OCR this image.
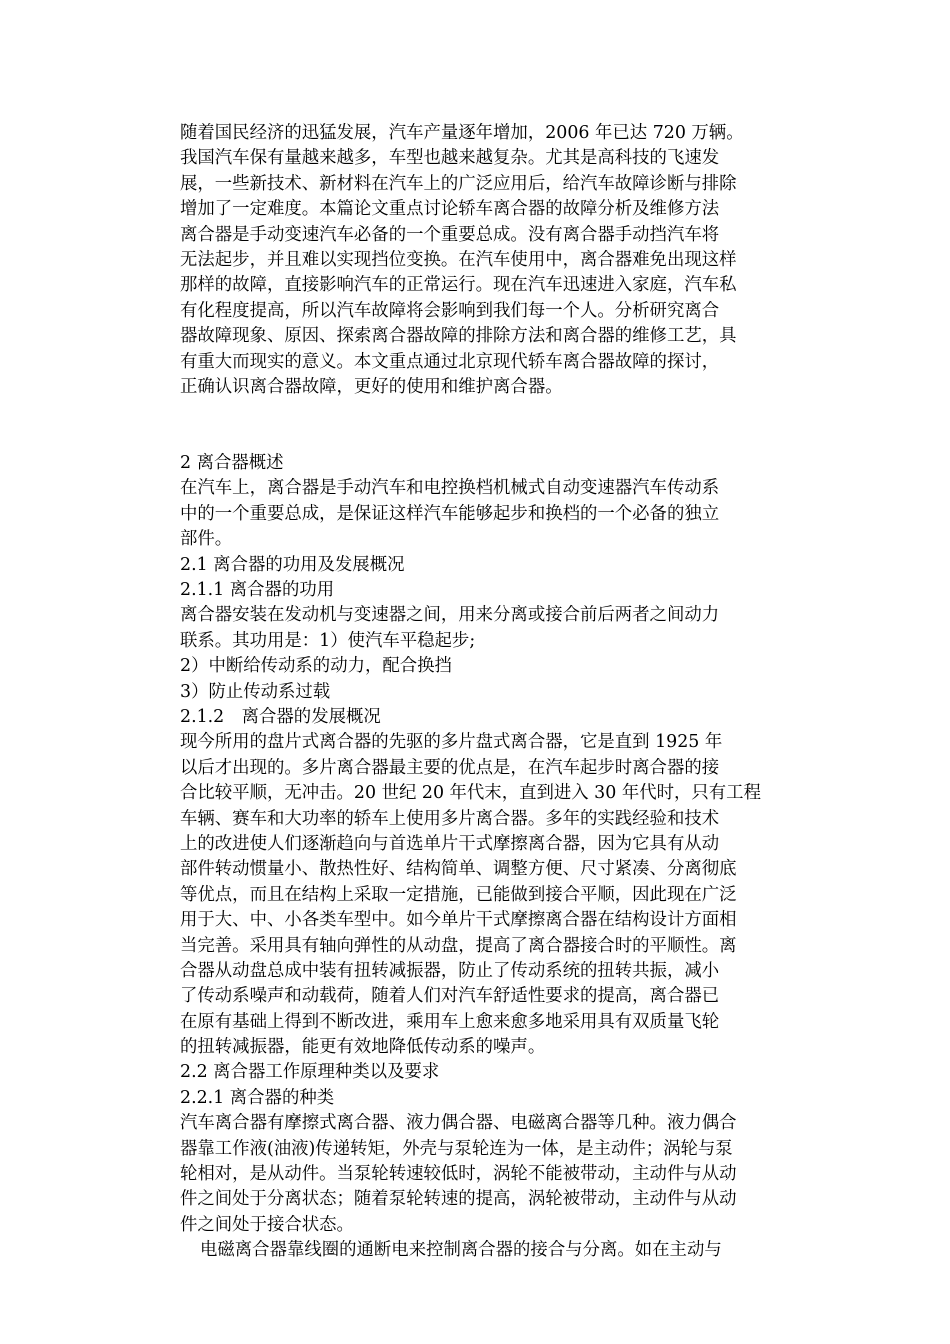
随着国民经济的迅猛发展，汽车产量逐年增加，2006 年已达 720 万辆。
我国汽车保有量越来越多，车型也越来越复杂。尤其是高科技的飞速发
展，一些新技术、新材料在汽车上的广泛应用后，给汽车故障诊断与排除
增加了一定难度。本篇论文重点讨论轿车离合器的故障分析及维修方法
离合器是手动变速汽车必备的一个重要总成。没有离合器手动挡汽车将
无法起步，并且难以实现挡位变换。在汽车使用中，离合器难免出现这样
那样的故障，直接影响汽车的正常运行。现在汽车迅速进入家庭，汽车私
有化程度提高，所以汽车故障将会影响到我们每一个人。分析研究离合
器故障现象、原因、探索离合器故障的排除方法和离合器的维修工艺，具
有重大而现实的意义。本文重点通过北京现代轿车离合器故障的探讨，
正确认识离合器故障，更好的使用和维护离合器。
2 离合器概述
在汽车上，离合器是手动汽车和电控换档机械式自动变速器汽车传动系
中的一个重要总成，是保证这样汽车能够起步和换档的一个必备的独立
部件。
2.1 离合器的功用及发展概况
2.1.1 离合器的功用
离合器安装在发动机与变速器之间，用来分离或接合前后两者之间动力
联系。其功用是：1）使汽车平稳起步;
2）中断给传动系的动力，配合换挡
3）防止传动系过载
2.1.2　离合器的发展概况
现今所用的盘片式离合器的先驱的多片盘式离合器，它是直到 1925 年
以后才出现的。多片离合器最主要的优点是，在汽车起步时离合器的接
合比较平顺，无冲击。20 世纪 20 年代末，直到进入 30 年代时，只有工程
车辆、赛车和大功率的轿车上使用多片离合器。多年的实践经验和技术
上的改进使人们逐渐趋向与首选单片干式摩擦离合器，因为它具有从动
部件转动惯量小、散热性好、结构简单、调整方便、尺寸紧凑、分离彻底
等优点，而且在结构上采取一定措施，已能做到接合平顺，因此现在广泛
用于大、中、小各类车型中。如今单片干式摩擦离合器在结构设计方面相
当完善。采用具有轴向弹性的从动盘，提高了离合器接合时的平顺性。离
合器从动盘总成中装有扭转减振器，防止了传动系统的扭转共振，减小
了传动系噪声和动载荷，随着人们对汽车舒适性要求的提高，离合器已
在原有基础上得到不断改进，乘用车上愈来愈多地采用具有双质量飞轮
的扭转减振器，能更有效地降低传动系的噪声。
2.2 离合器工作原理种类以及要求
2.2.1 离合器的种类
汽车离合器有摩擦式离合器、液力偶合器、电磁离合器等几种。液力偶合
器靠工作液(油液)传递转矩，外壳与泵轮连为一体，是主动件；涡轮与泵
轮相对，是从动件。当泵轮转速较低时，涡轮不能被带动，主动件与从动
件之间处于分离状态；随着泵轮转速的提高，涡轮被带动，主动件与从动
件之间处于接合状态。
电磁离合器靠线圈的通断电来控制离合器的接合与分离。如在主动与
